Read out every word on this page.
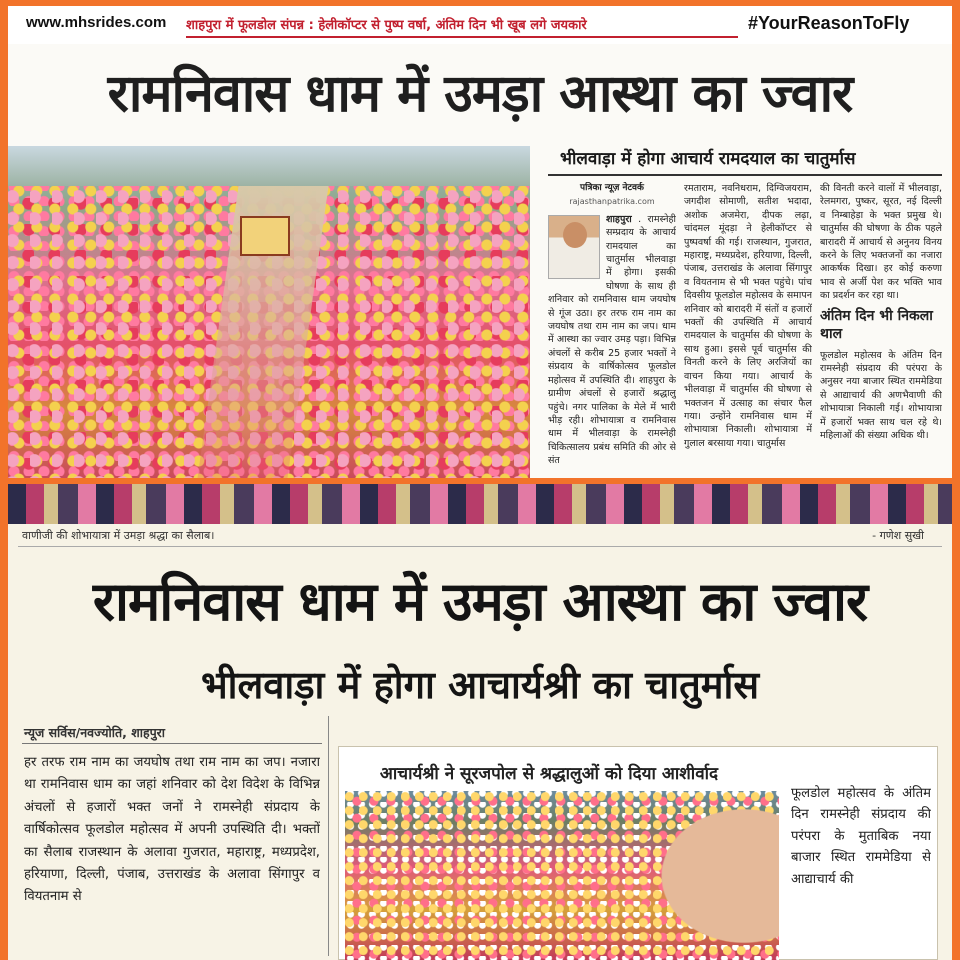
www.mhsrides.com शाहपुरा में फूलडोल संपन्न : हेलीकॉप्टर से पुष्प वर्षा, अंतिम दिन भी खूब लगे जयकारे	#YourReasonToFly
रामनिवास धाम में उमड़ा आस्था का ज्वार
भीलवाड़ा में होगा आचार्य रामदयाल का चातुर्मास
पत्रिका न्यूज़ नेटवर्क
rajasthanpatrika.com
शाहपुरा . रामस्नेही सम्प्रदाय के आचार्य रामदयाल का चातुर्मास भीलवाड़ा में होगा। इसकी घोषणा के साथ ही शनिवार को रामनिवास धाम जयघोष से गूंज उठा। हर तरफ राम नाम का जयघोष तथा राम नाम का जप। धाम में आस्था का ज्वार उमड़ पड़ा। विभिन्न अंचलों से करीब 25 हजार भक्तों ने संप्रदाय के वार्षिकोत्सव फूलडोल महोत्सव में उपस्थिति दी। शाहपुरा के ग्रामीण अंचलों से हजारों श्रद्धालु पहुंचे। नगर पालिका के मेले में भारी भीड़ रही। शोभायात्रा व रामनिवास धाम में भीलवाड़ा के रामस्नेही चिकित्सालय प्रबंध समिति की ओर से संत
रमताराम, नवनिधराम, दिग्विजयराम, जगदीश सोमाणी, सतीश भदादा, अशोक अजमेरा, दीपक लढ़ा, चांदमल मूंदड़ा ने हेलीकॉप्टर से पुष्पवर्षा की गई। राजस्थान, गुजरात, महाराष्ट्र, मध्यप्रदेश, हरियाणा, दिल्ली, पंजाब, उत्तराखंड के अलावा सिंगापुर व वियतनाम से भी भक्त पहुंचे। पांच दिवसीय फूलडोल महोत्सव के समापन शनिवार को बारादरी में संतों व हजारों भक्तों की उपस्थिति में आचार्य रामदयाल के चातुर्मास की घोषणा के साथ हुआ। इससे पूर्व चातुर्मास की विनती करने के लिए अरजियों का वाचन किया गया। आचार्य के भीलवाड़ा में चातुर्मास की घोषणा से भक्तजन में उत्साह का संचार फैल गया। उन्होंने रामनिवास धाम में शोभायात्रा निकाली। शोभायात्रा में गुलाल बरसाया गया। चातुर्मास
की विनती करने वालों में भीलवाड़ा, रेलमगरा, पुष्कर, सूरत, नई दिल्ली व निम्बाहेड़ा के भक्त प्रमुख थे। चातुर्मास की घोषणा के ठीक पहले बारादरी में आचार्य से अनुनय विनय करने के लिए भक्तजनों का नजारा आकर्षक दिखा। हर कोई करुणा भाव से अर्जी पेश कर भक्ति भाव का प्रदर्शन कर रहा था।
अंतिम दिन भी निकला थाल
फूलडोल महोत्सव के अंतिम दिन रामस्नेही संप्रदाय की परंपरा के अनुसर नया बाजार स्थित राममेडिया से आद्याचार्य की अणभैवाणी की शोभायात्रा निकाली गई। शोभायात्रा में हजारों भक्त साथ चल रहे थे। महिलाओं की संख्या अधिक थी।
वाणीजी की शोभायात्रा में उमड़ा श्रद्धा का सैलाब।	- गणेश सुखी
रामनिवास धाम में उमड़ा आस्था का ज्वार
भीलवाड़ा में होगा आचार्यश्री का चातुर्मास
न्यूज सर्विस/नवज्योति, शाहपुरा
हर तरफ राम नाम का जयघोष तथा राम नाम का जप। नजारा था रामनिवास धाम का जहां शनिवार को देश विदेश के विभिन्न अंचलों से हजारों भक्त जनों ने रामस्नेही संप्रदाय के वार्षिकोत्सव फूलडोल महोत्सव में अपनी उपस्थिति दी। भक्तों का सैलाब राजस्थान के अलावा गुजरात, महाराष्ट्र, मध्यप्रदेश, हरियाणा, दिल्ली, पंजाब, उत्तराखंड के अलावा सिंगापुर व वियतनाम से
आचार्यश्री ने सूरजपोल से श्रद्धालुओं को दिया आशीर्वाद
फूलडोल महोत्सव के अंतिम दिन रामस्नेही संप्रदाय की परंपरा के मुताबिक नया बाजार स्थित राममेडिया से आद्याचार्य की
